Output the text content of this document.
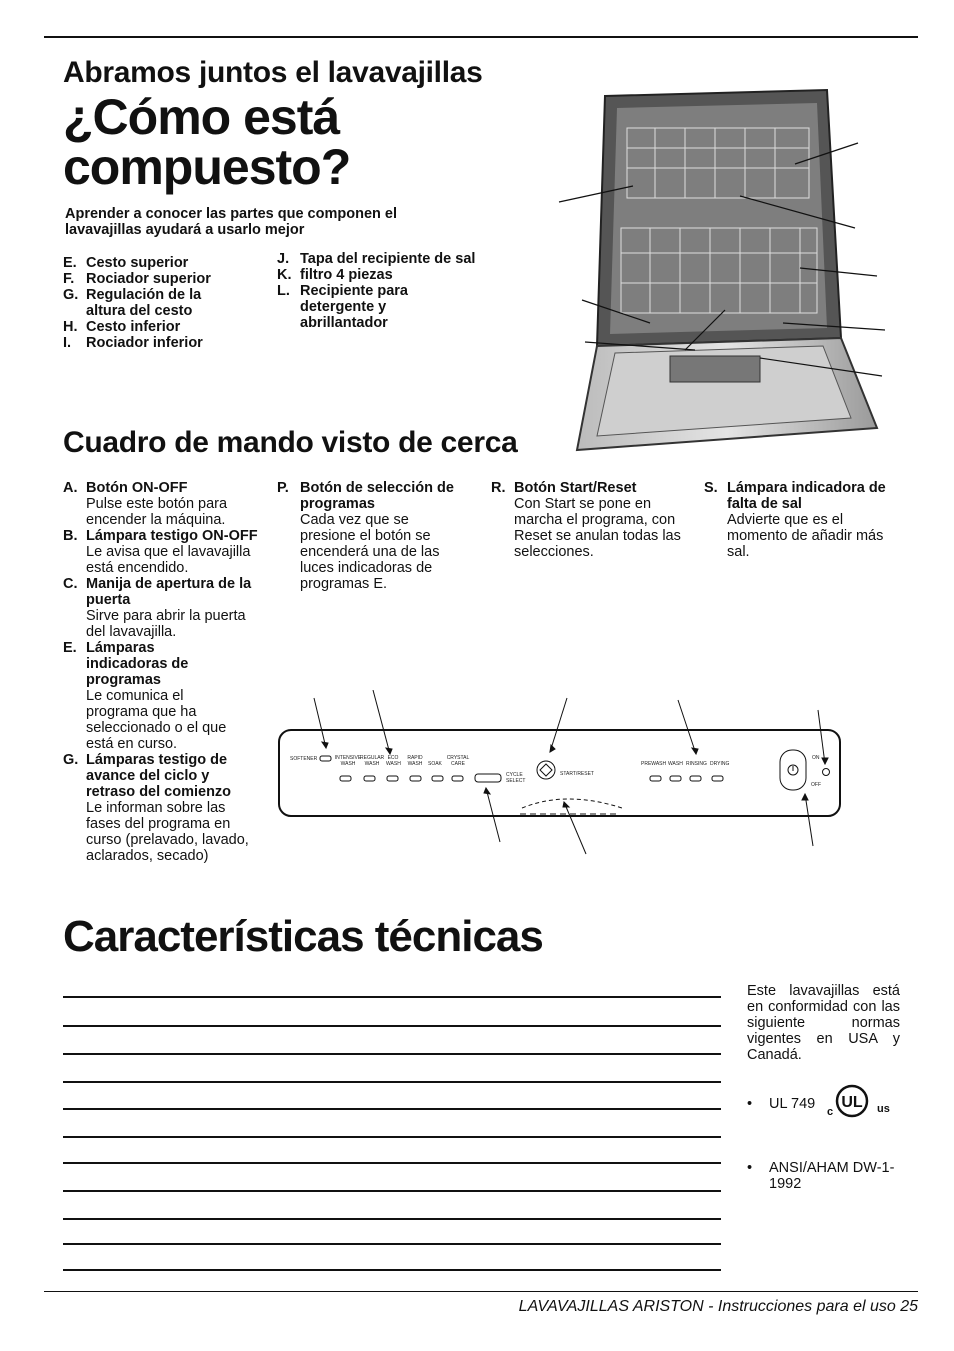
Abramos juntos el lavavajillas
¿Cómo está compuesto?
Aprender a conocer las partes que componen el lavavajillas ayudará a usarlo mejor
E. Cesto superior
F. Rociador superior
G. Regulación de la altura del cesto
H. Cesto inferior
I. Rociador inferior
J. Tapa del recipiente de sal
K. filtro 4 piezas
L. Recipiente para detergente y abrillantador
Cuadro de mando visto de cerca
A. Botón ON-OFF
Pulse este botón para encender la máquina.
B. Lámpara testigo ON-OFF
Le avisa que el lavavajilla está encendido.
C. Manija de apertura de la puerta
Sirve para abrir la puerta del lavavajilla.
E. Lámparas indicadoras de programas
Le comunica el programa que ha seleccionado o el que está en curso.
G. Lámparas testigo de avance del ciclo y retraso del comienzo
Le informan sobre las fases del programa en curso (prelavado, lavado, aclarados, secado)
P. Botón de selección de programas
Cada vez que se presione el botón se encenderá una de las luces indicadoras de programas E.
R. Botón Start/Reset
Con Start se pone en marcha el programa, con Reset se anulan todas las selecciones.
S. Lámpara indicadora de falta de sal
Advierte que es el momento de añadir más sal.
SOFTENER	INTENSIVE WASH
REGULAR WASH
ECO WASH
RAPID WASH	SOAK
CRYSTAL CARE
CYCLE SELECT
START/RESET
PREWASH WASH RINSING DRYING
ON
OFF
Características técnicas
Este lavavajillas está en conformidad con las siguiente normas vigentes en USA y Canadá.
• UL 749 UL
c	us
• ANSI/AHAM DW-1-1992
LAVAVAJILLAS ARISTON - Instrucciones para el uso 25
